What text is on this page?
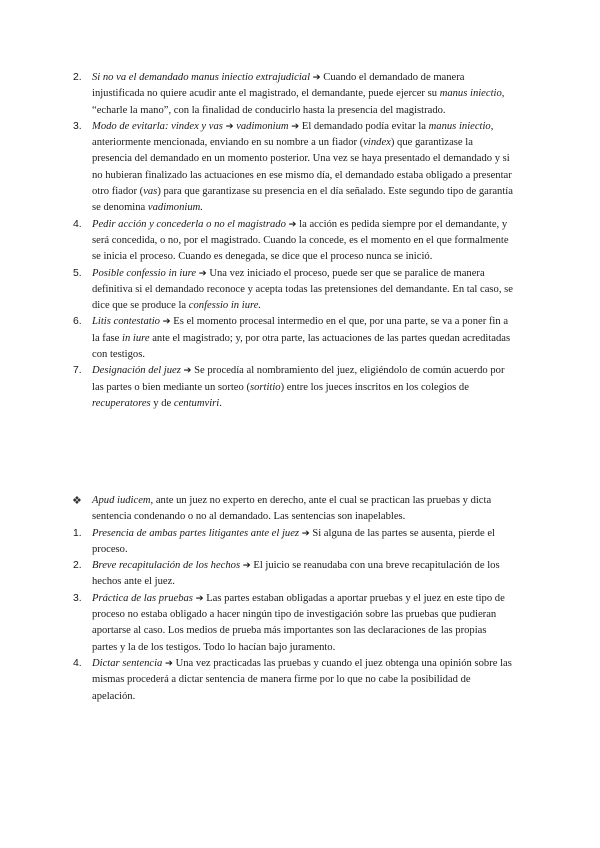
2. Si no va el demandado manus iniectio extrajudicial ➔ Cuando el demandado de manera injustificada no quiere acudir ante el magistrado, el demandante, puede ejercer su manus iniectio, “echarle la mano”, con la finalidad de conducirlo hasta la presencia del magistrado.
3. Modo de evitarla: vindex y vas ➔ vadimonium ➔ El demandado podía evitar la manus iniectio, anteriormente mencionada, enviando en su nombre a un fiador (vindex) que garantizase la presencia del demandado en un momento posterior. Una vez se haya presentado el demandado y si no hubieran finalizado las actuaciones en ese mismo día, el demandado estaba obligado a presentar otro fiador (vas) para que garantizase su presencia en el día señalado. Este segundo tipo de garantía se denomina vadimonium.
4. Pedir acción y concederla o no el magistrado ➔ la acción es pedida siempre por el demandante, y será concedida, o no, por el magistrado. Cuando la concede, es el momento en el que formalmente se inicia el proceso. Cuando es denegada, se dice que el proceso nunca se inició.
5. Posible confessio in iure ➔ Una vez iniciado el proceso, puede ser que se paralice de manera definitiva si el demandado reconoce y acepta todas las pretensiones del demandante. En tal caso, se dice que se produce la confessio in iure.
6. Litis contestatio ➔ Es el momento procesal intermedio en el que, por una parte, se va a poner fin a la fase in iure ante el magistrado; y, por otra parte, las actuaciones de las partes quedan acreditadas con testigos.
7. Designación del juez ➔ Se procedía al nombramiento del juez, eligiéndolo de común acuerdo por las partes o bien mediante un sorteo (sortitio) entre los jueces inscritos en los colegios de recuperatores y de centumviri.
❖ Apud iudicem, ante un juez no experto en derecho, ante el cual se practican las pruebas y dicta sentencia condenando o no al demandado. Las sentencias son inapelables.
1. Presencia de ambas partes litigantes ante el juez ➔ Si alguna de las partes se ausenta, pierde el proceso.
2. Breve recapitulación de los hechos ➔ El juicio se reanudaba con una breve recapitulación de los hechos ante el juez.
3. Práctica de las pruebas ➔ Las partes estaban obligadas a aportar pruebas y el juez en este tipo de proceso no estaba obligado a hacer ningún tipo de investigación sobre las pruebas que pudieran aportarse al caso. Los medios de prueba más importantes son las declaraciones de las propias partes y la de los testigos. Todo lo hacían bajo juramento.
4. Dictar sentencia ➔ Una vez practicadas las pruebas y cuando el juez obtenga una opinión sobre las mismas procederá a dictar sentencia de manera firme por lo que no cabe la posibilidad de apelación.
